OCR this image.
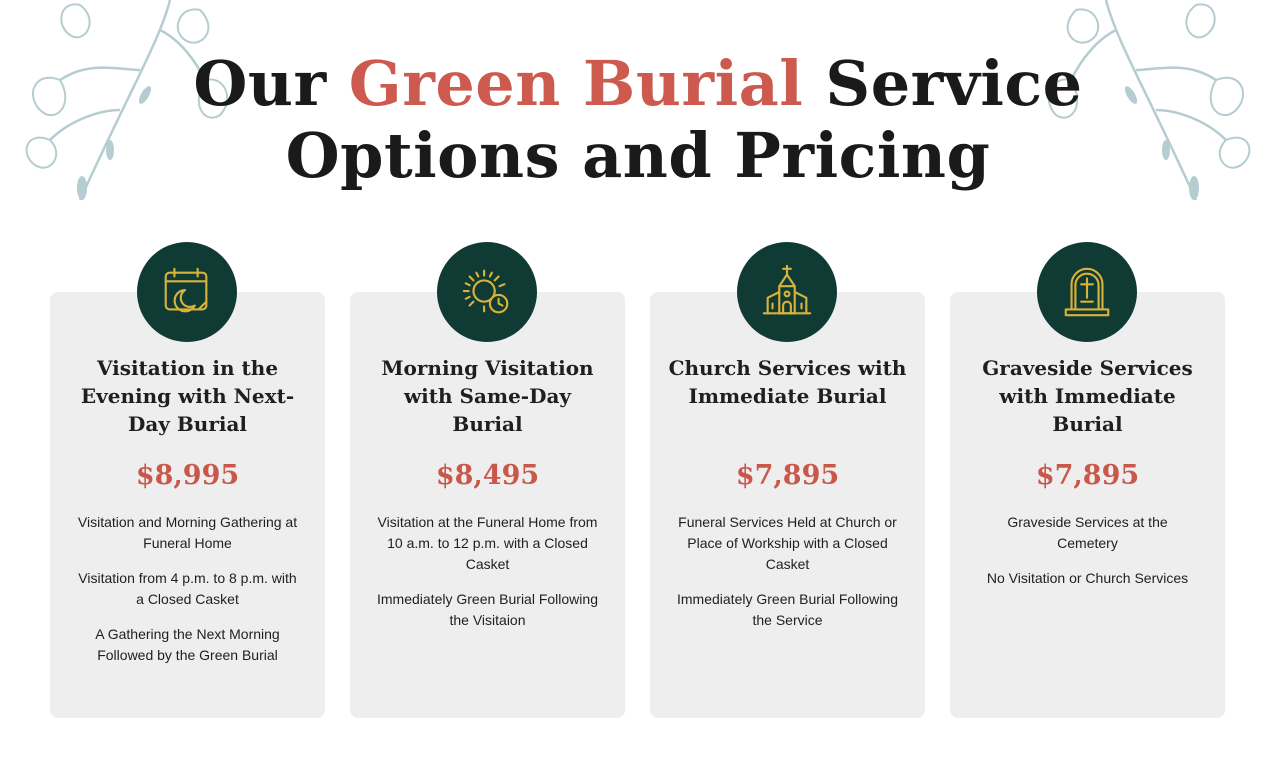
Our Green Burial Service
Options and Pricing
Visitation in the Evening with Next-Day Burial
$8,995
Visitation and Morning Gathering at Funeral Home
Visitation from 4 p.m. to 8 p.m. with a Closed Casket
A Gathering the Next Morning Followed by the Green Burial
Morning Visitation with Same-Day Burial
$8,495
Visitation at the Funeral Home from 10 a.m. to 12 p.m. with a Closed Casket
Immediately Green Burial Following the Visitaion
Church Services with Immediate Burial
$7,895
Funeral Services Held at Church or Place of Workship with a Closed Casket
Immediately Green Burial Following the Service
Graveside Services with Immediate Burial
$7,895
Graveside Services at the Cemetery
No Visitation or Church Services
